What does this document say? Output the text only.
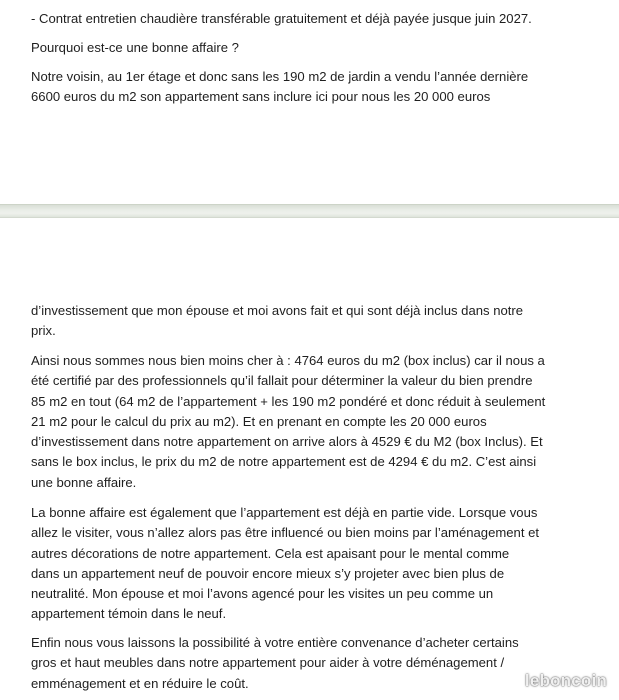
- Contrat entretien chaudière transférable gratuitement et déjà payée jusque juin 2027.

Pourquoi est-ce une bonne affaire ?

Notre voisin, au 1er étage et donc sans les 190 m2 de jardin a vendu l’année dernière
6600 euros du m2 son appartement sans inclure ici pour nous les 20 000 euros

d’investissement que mon épouse et moi avons fait et qui sont déjà inclus dans notre
prix.

Ainsi nous sommes nous bien moins cher à : 4764 euros du m2 (box inclus) car il nous a
été certifié par des professionnels qu’il fallait pour déterminer la valeur du bien prendre
85 m2 en tout (64 m2 de l’appartement + les 190 m2 pondéré et donc réduit à seulement
21 m2 pour le calcul du prix au m2). Et en prenant en compte les 20 000 euros
d’investissement dans notre appartement on arrive alors à 4529 € du M2 (box Inclus). Et
sans le box inclus, le prix du m2 de notre appartement est de 4294 € du m2. C’est ainsi
une bonne affaire.

La bonne affaire est également que l’appartement est déjà en partie vide. Lorsque vous
allez le visiter, vous n’allez alors pas être influencé ou bien moins par l’aménagement et
autres décorations de notre appartement. Cela est apaisant pour le mental comme
dans un appartement neuf de pouvoir encore mieux s’y projeter avec bien plus de
neutralité. Mon épouse et moi l’avons agencé pour les visites un peu comme un
appartement témoin dans le neuf.

Enfin nous vous laissons la possibilité à votre entière convenance d’acheter certains
gros et haut meubles dans notre appartement pour aider à votre déménagement /
emménagement et en réduire le coût.	leboncoin
